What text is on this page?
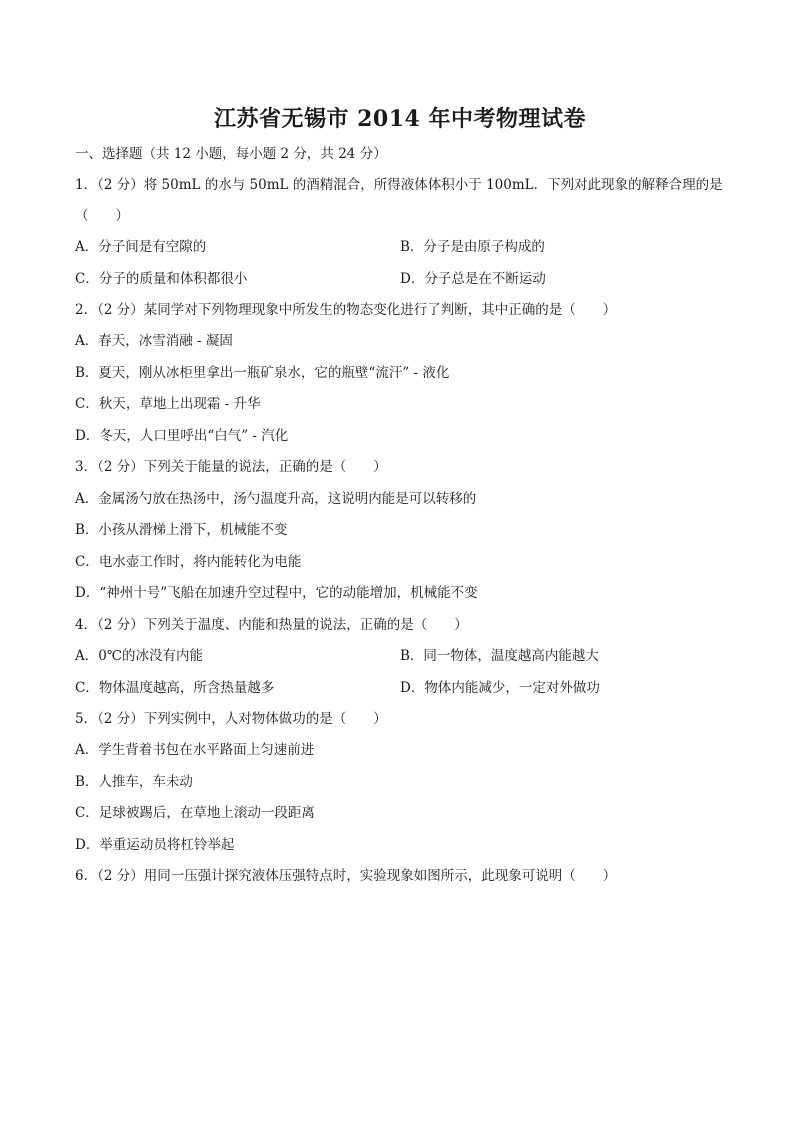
江苏省无锡市 2014 年中考物理试卷
一、选择题（共 12 小题，每小题 2 分，共 24 分）
1．（2 分）将 50mL 的水与 50mL 的酒精混合，所得液体体积小于 100mL．下列对此现象的解释合理的是
（　　）
A．分子间是有空隙的	B．分子是由原子构成的
C．分子的质量和体积都很小	D．分子总是在不断运动
2．（2 分）某同学对下列物理现象中所发生的物态变化进行了判断，其中正确的是（　　）
A．春天，冰雪消融 - 凝固
B．夏天，刚从冰柜里拿出一瓶矿泉水，它的瓶壁“流汗” - 液化
C．秋天，草地上出现霜 - 升华
D．冬天，人口里呼出“白气” - 汽化
3．（2 分）下列关于能量的说法，正确的是（　　）
A．金属汤勺放在热汤中，汤勺温度升高，这说明内能是可以转移的
B．小孩从滑梯上滑下，机械能不变
C．电水壶工作时，将内能转化为电能
D．“神州十号”飞船在加速升空过程中，它的动能增加，机械能不变
4．（2 分）下列关于温度、内能和热量的说法，正确的是（　　）
A．0℃的冰没有内能	B．同一物体，温度越高内能越大
C．物体温度越高，所含热量越多	D．物体内能减少，一定对外做功
5．（2 分）下列实例中，人对物体做功的是（　　）
A．学生背着书包在水平路面上匀速前进
B．人推车，车未动
C．足球被踢后，在草地上滚动一段距离
D．举重运动员将杠铃举起
6．（2 分）用同一压强计探究液体压强特点时，实验现象如图所示，此现象可说明（　　）
